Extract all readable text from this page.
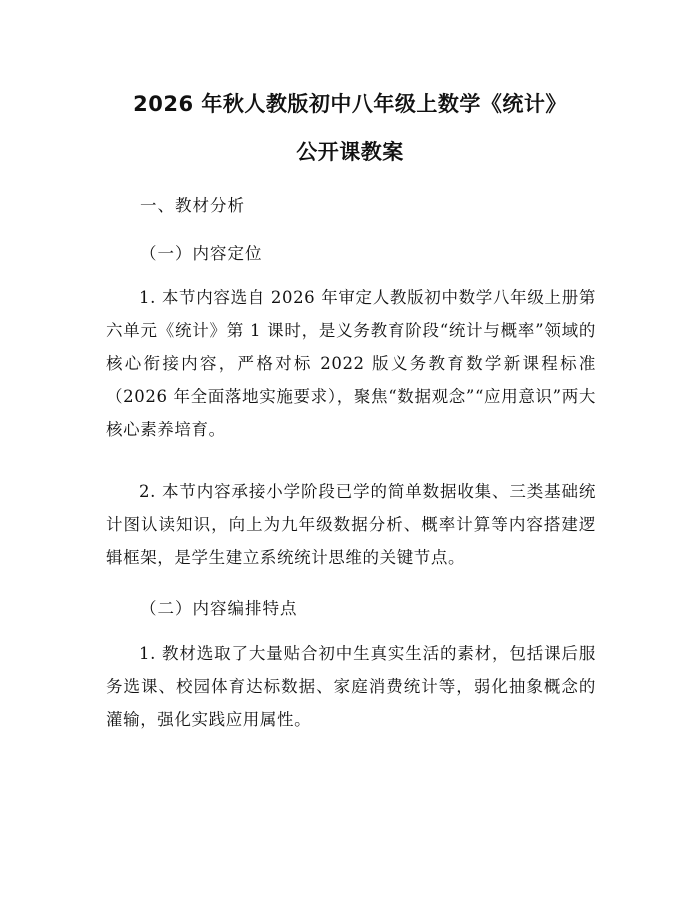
2026 年秋人教版初中八年级上数学《统计》
公开课教案
一、教材分析
（一）内容定位
1. 本节内容选自 2026 年审定人教版初中数学八年级上册第六单元《统计》第 1 课时，是义务教育阶段“统计与概率”领域的核心衔接内容，严格对标 2022 版义务教育数学新课程标准（2026 年全面落地实施要求），聚焦“数据观念”“应用意识”两大核心素养培育。
2. 本节内容承接小学阶段已学的简单数据收集、三类基础统计图认读知识，向上为九年级数据分析、概率计算等内容搭建逻辑框架，是学生建立系统统计思维的关键节点。
（二）内容编排特点
1. 教材选取了大量贴合初中生真实生活的素材，包括课后服务选课、校园体育达标数据、家庭消费统计等，弱化抽象概念的灌输，强化实践应用属性。
